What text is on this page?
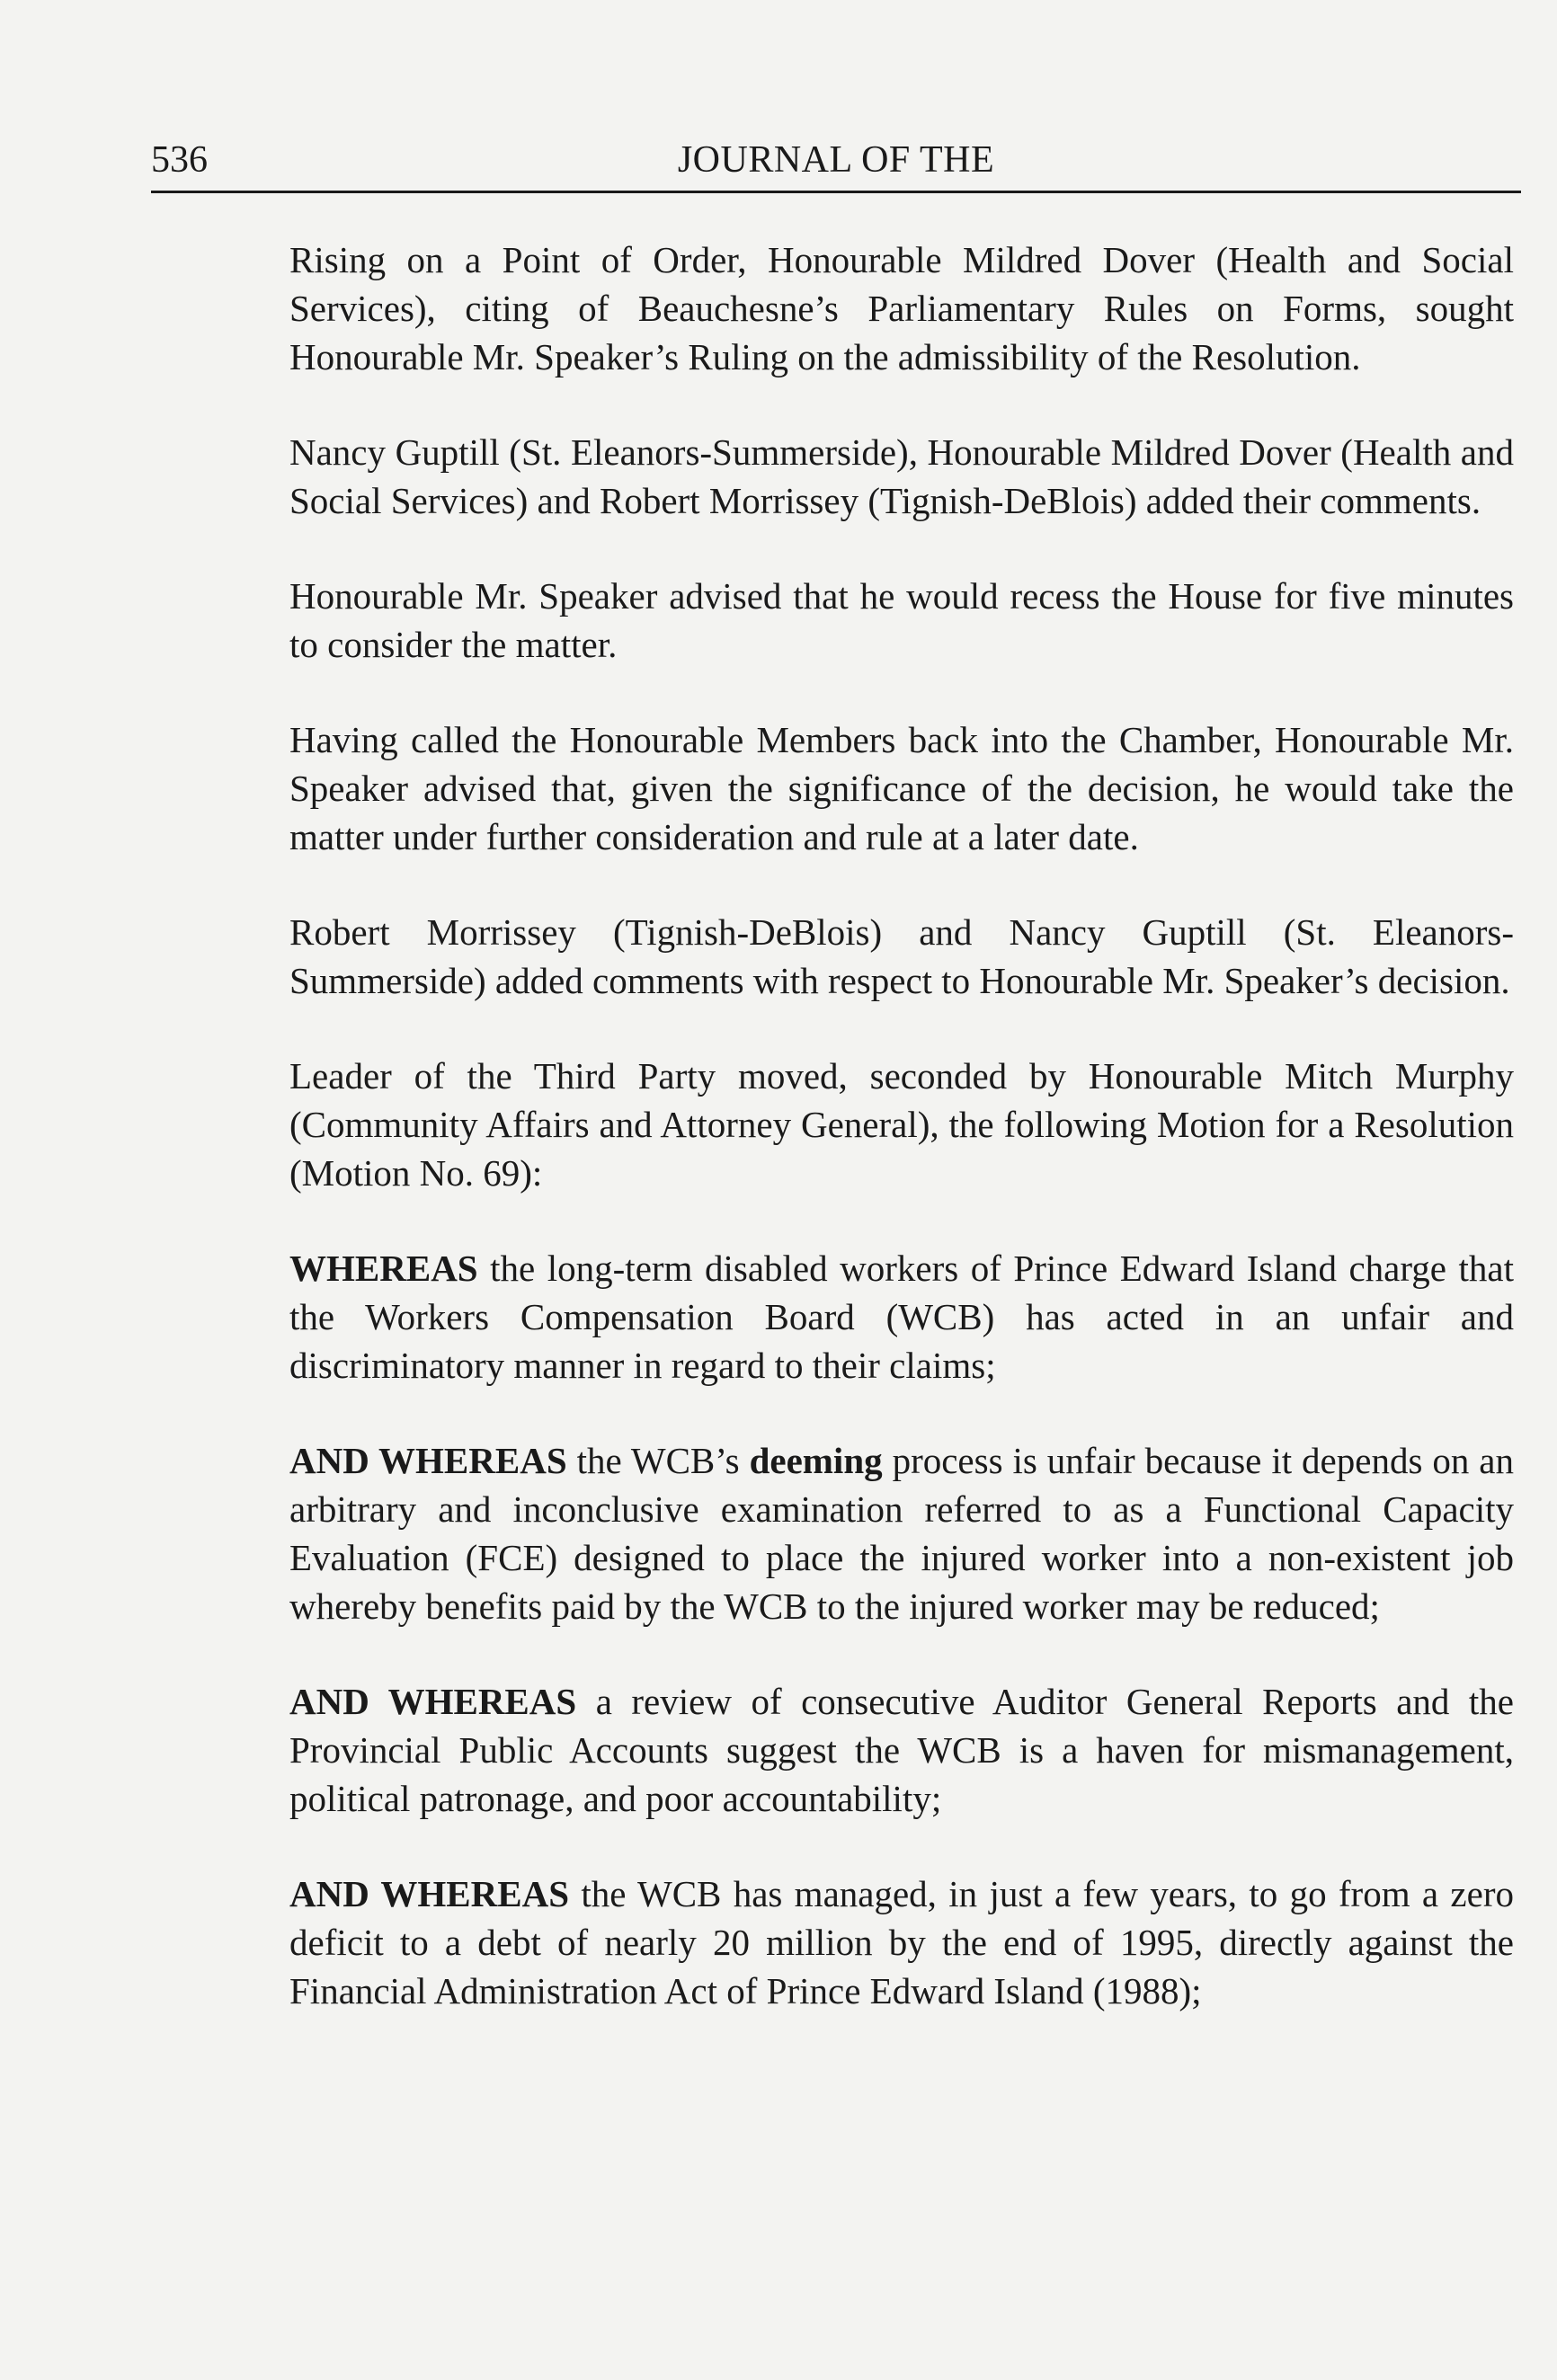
536	JOURNAL OF THE

Rising on a Point of Order, Honourable Mildred Dover (Health and Social Services), citing of Beauchesne’s Parliamentary Rules on Forms, sought Honourable Mr. Speaker’s Ruling on the admissibility of the Resolution.

Nancy Guptill (St. Eleanors-Summerside), Honourable Mildred Dover (Health and Social Services) and Robert Morrissey (Tignish-DeBlois) added their comments.

Honourable Mr. Speaker advised that he would recess the House for five minutes to consider the matter.

Having called the Honourable Members back into the Chamber, Honourable Mr. Speaker advised that, given the significance of the decision, he would take the matter under further consideration and rule at a later date.

Robert Morrissey (Tignish-DeBlois) and Nancy Guptill (St. Eleanors-Summerside) added comments with respect to Honourable Mr. Speaker’s decision.

Leader of the Third Party moved, seconded by Honourable Mitch Murphy (Community Affairs and Attorney General), the following Motion for a Resolution (Motion No. 69):

WHEREAS the long-term disabled workers of Prince Edward Island charge that the Workers Compensation Board (WCB) has acted in an unfair and discriminatory manner in regard to their claims;

AND WHEREAS the WCB’s deeming process is unfair because it depends on an arbitrary and inconclusive examination referred to as a Functional Capacity Evaluation (FCE) designed to place the injured worker into a non-existent job whereby benefits paid by the WCB to the injured worker may be reduced;

AND WHEREAS a review of consecutive Auditor General Reports and the Provincial Public Accounts suggest the WCB is a haven for mismanagement, political patronage, and poor accountability;

AND WHEREAS the WCB has managed, in just a few years, to go from a zero deficit to a debt of nearly 20 million by the end of 1995, directly against the Financial Administration Act of Prince Edward Island (1988);
